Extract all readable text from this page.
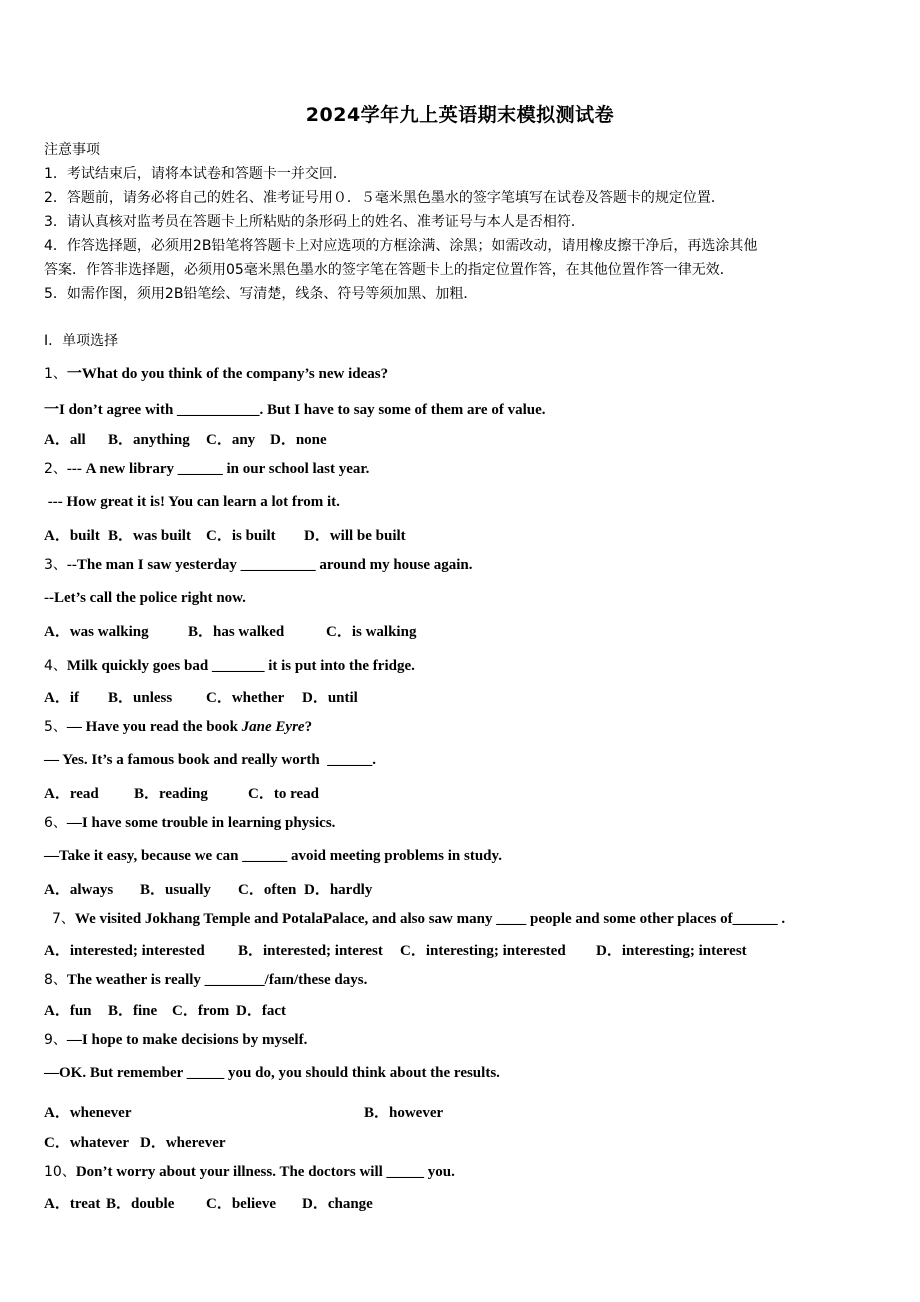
2024学年九上英语期末模拟测试卷
注意事项
1．考试结束后，请将本试卷和答题卡一并交回．
2．答题前，请务必将自己的姓名、准考证号用０．５毫米黑色墨水的签字笔填写在试卷及答题卡的规定位置．
3．请认真核对监考员在答题卡上所粘贴的条形码上的姓名、准考证号与本人是否相符．
4．作答选择题，必须用2B铅笔将答题卡上对应选项的方框涂满、涂黑；如需改动，请用橡皮擦干净后，再选涂其他
答案．作答非选择题，必须用05毫米黑色墨水的签字笔在答题卡上的指定位置作答，在其他位置作答一律无效．
5．如需作图，须用2B铅笔绘、写清楚，线条、符号等须加黑、加粗．
Ⅰ．单项选择
1、一What do you think of the company’s new ideas?
一I don’t agree with ___________. But I have to say some of them are of value.
A．all B．anything C．any D．none
2、--- A new library ______ in our school last year.
--- How great it is! You can learn a lot from it.
A．built B．was built C．is built D．will be built
3、--The man I saw yesterday __________ around my house again.
--Let’s call the police right now.
A．was walking	B．has walked	C．is walking
4、Milk quickly goes bad _______ it is put into the fridge.
A．if B．unless C．whether D．until
5、— Have you read the book Jane Eyre?
— Yes. It’s a famous book and really worth  ______.
A．read B．reading	C．to read
6、—I have some trouble in learning physics.
—Take it easy, because we can ______ avoid meeting problems in study.
A．always B．usually C．often D．hardly
7、We visited Jokhang Temple and PotalaPalace, and also saw many ____ people and some other places of______ .
A．interested; interested B．interested; interest C．interesting; interested D．interesting; interest
8、The weather is really ________/faɪn/these days.
A．fun B．fine C．from D．fact
9、—I hope to make decisions by myself.
—OK. But remember _____ you do, you should think about the results.
A．whenever	B．however
C．whatever D．wherever
10、Don’t worry about your illness. The doctors will _____ you.
A．treat B．double C．believe D．change
